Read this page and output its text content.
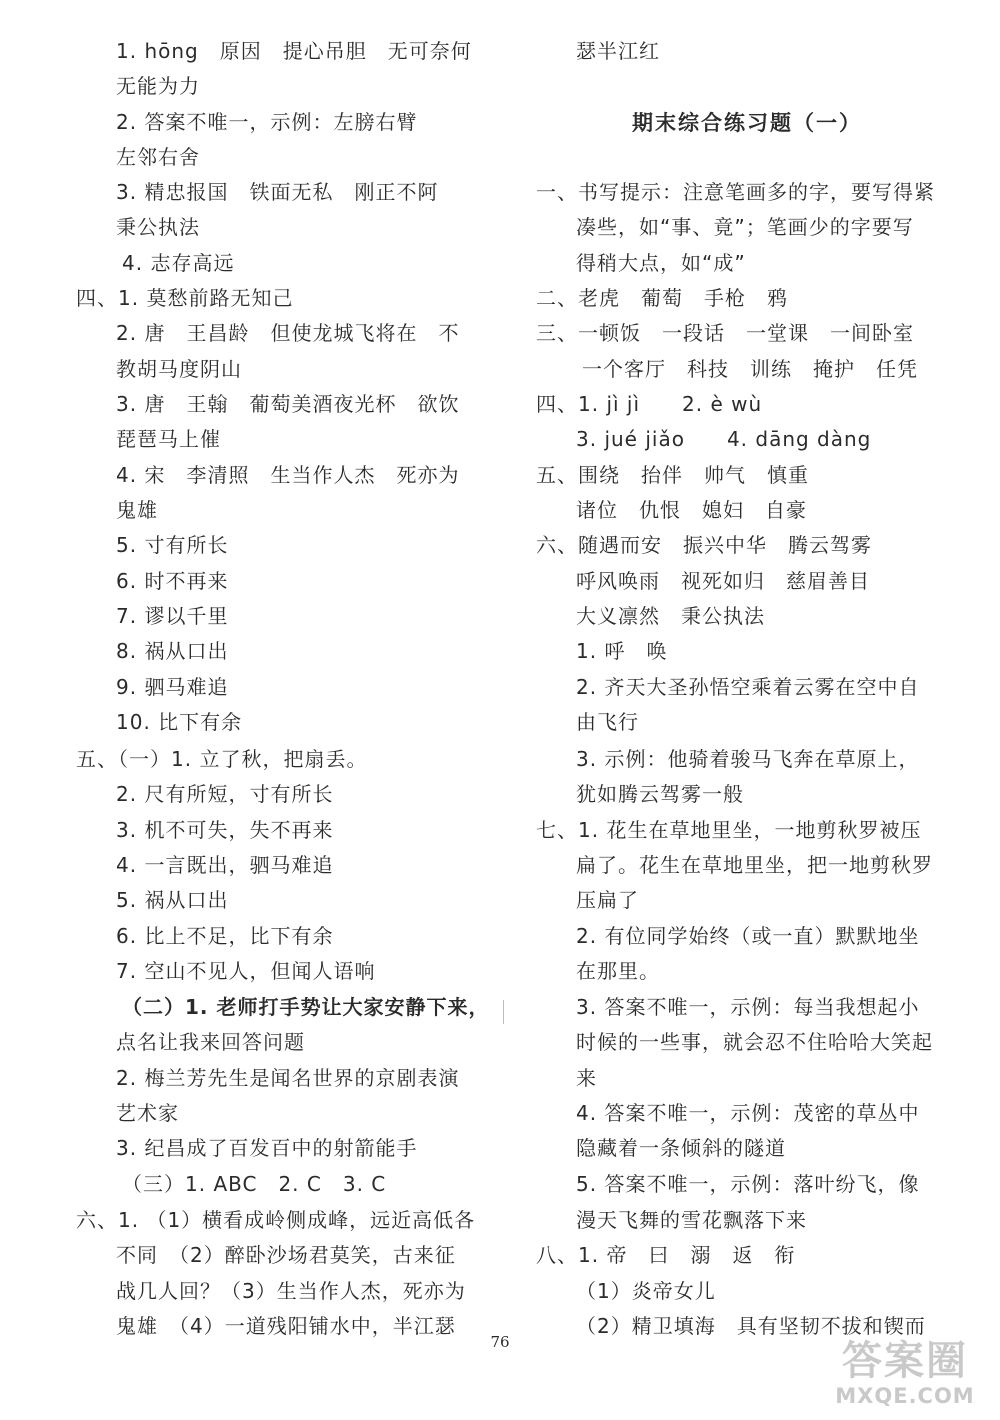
1. hōng　原因　提心吊胆　无可奈何
无能为力
2. 答案不唯一，示例：左膀右臂
左邻右舍
3. 精忠报国　铁面无私　刚正不阿
秉公执法
4. 志存高远
四、1. 莫愁前路无知己
2. 唐　王昌龄　但使龙城飞将在　不
教胡马度阴山
3. 唐　王翰　葡萄美酒夜光杯　欲饮
琵琶马上催
4. 宋　李清照　生当作人杰　死亦为
鬼雄
5. 寸有所长
6. 时不再来
7. 谬以千里
8. 祸从口出
9. 驷马难追
10. 比下有余
五、（一）1. 立了秋，把扇丢。
2. 尺有所短，寸有所长
3. 机不可失，失不再来
4. 一言既出，驷马难追
5. 祸从口出
6. 比上不足，比下有余
7. 空山不见人，但闻人语响
（二）1. 老师打手势让大家安静下来，
点名让我来回答问题
2. 梅兰芳先生是闻名世界的京剧表演
艺术家
3. 纪昌成了百发百中的射箭能手
（三）1. ABC　2. C　3. C
六、1. （1）横看成岭侧成峰，远近高低各
不同　（2）醉卧沙场君莫笑，古来征
战几人回？（3）生当作人杰，死亦为
鬼雄　（4）一道残阳铺水中，半江瑟
瑟半江红
期末综合练习题（一）
一、书写提示：注意笔画多的字，要写得紧
凑些，如“事、竟”；笔画少的字要写
得稍大点，如“成”
二、老虎　葡萄　手枪　鸦
三、一顿饭　一段话　一堂课　一间卧室
一个客厅　科技　训练　掩护　任凭
四、1. jì jì　　2. è wù
3. jué jiǎo　　4. dāng dàng
五、围绕　抬伴　帅气　慎重
诸位　仇恨　媳妇　自豪
六、随遇而安　振兴中华　腾云驾雾
呼风唤雨　视死如归　慈眉善目
大义凛然　秉公执法
1. 呼　唤
2. 齐天大圣孙悟空乘着云雾在空中自
由飞行
3. 示例：他骑着骏马飞奔在草原上，
犹如腾云驾雾一般
七、1. 花生在草地里坐，一地剪秋罗被压
扁了。花生在草地里坐，把一地剪秋罗
压扁了
2. 有位同学始终（或一直）默默地坐
在那里。
3. 答案不唯一，示例：每当我想起小
时候的一些事，就会忍不住哈哈大笑起
来
4. 答案不唯一，示例：茂密的草丛中
隐藏着一条倾斜的隧道
5. 答案不唯一，示例：落叶纷飞，像
漫天飞舞的雪花飘落下来
八、1. 帝　曰　溺　返　衔
（1）炎帝女儿
（2）精卫填海　具有坚韧不拔和锲而
76	答案圈
MXQE.COM
